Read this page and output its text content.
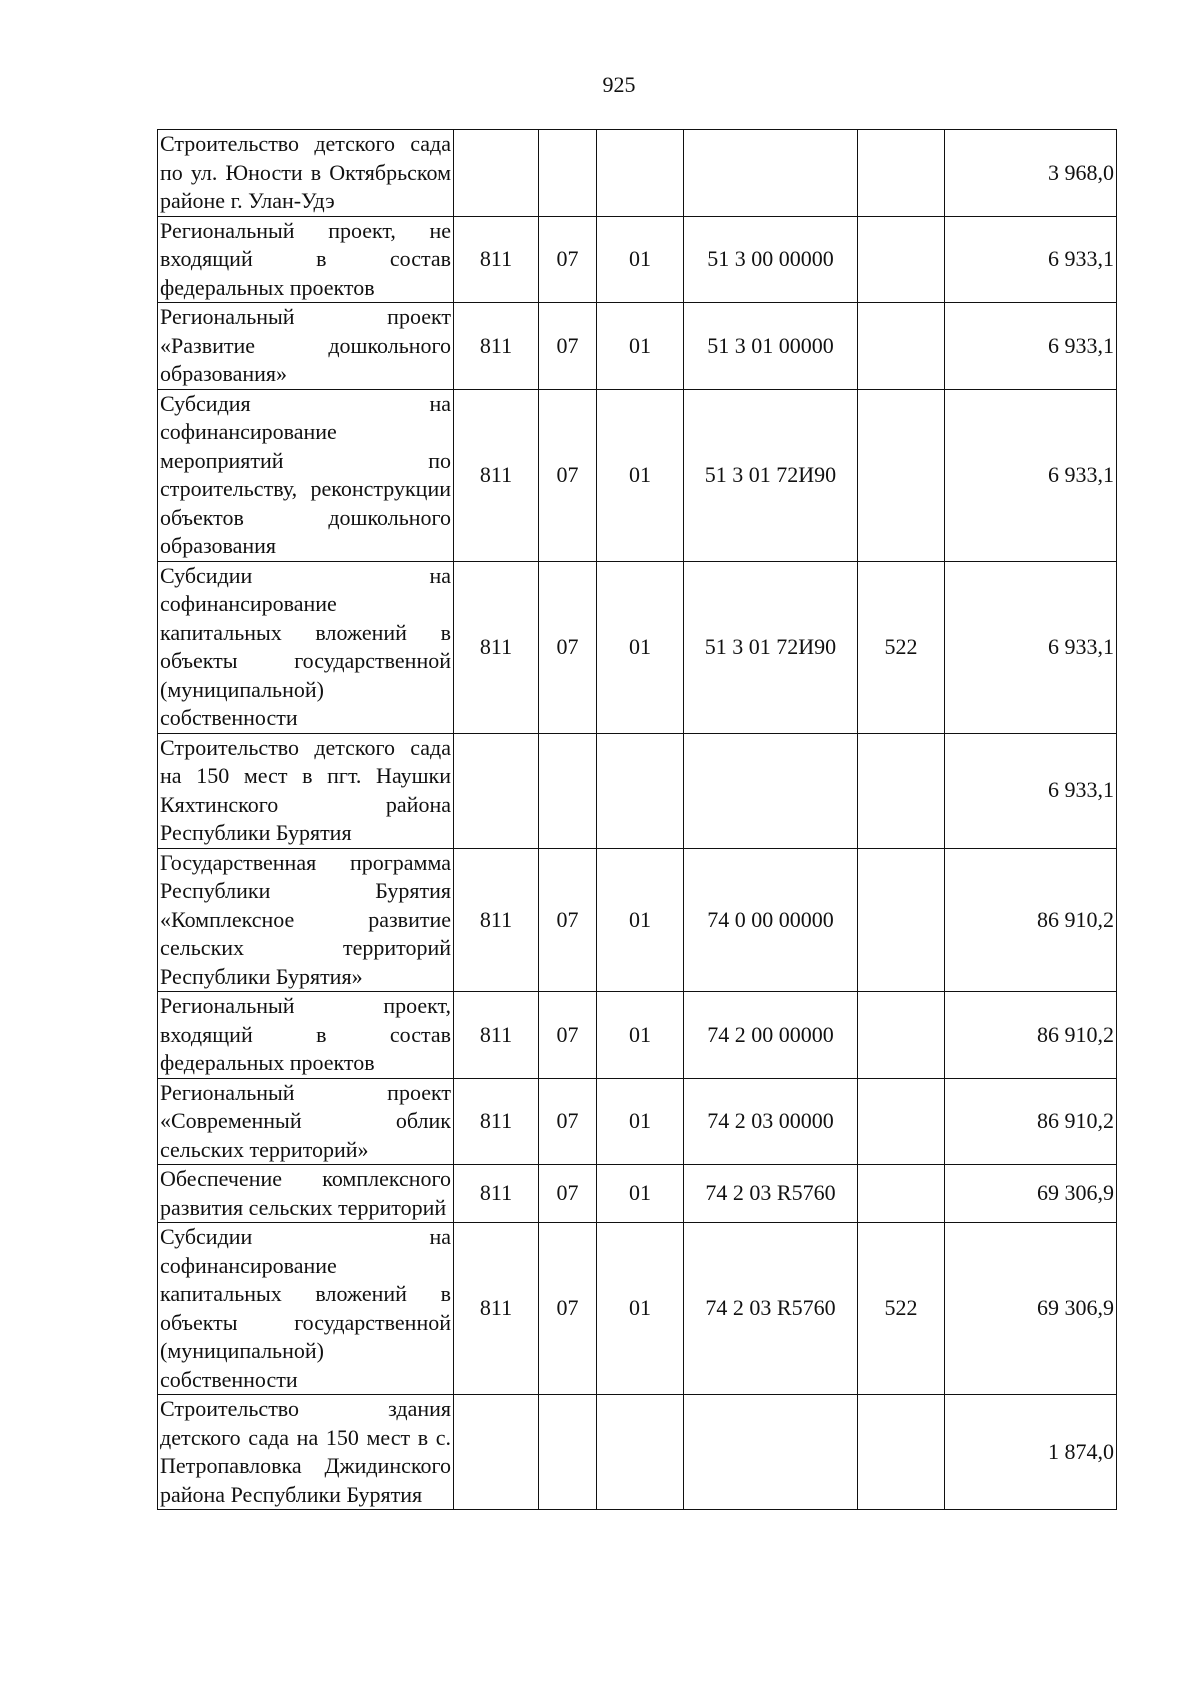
925
Строительство детского сада по ул. Юности в Октябрьском районе г. Улан-Удэ						3 968,0
Региональный проект, не входящий в состав федеральных проектов	811	07	01	51 3 00 00000		6 933,1
Региональный проект «Развитие дошкольного образования»	811	07	01	51 3 01 00000		6 933,1
Субсидия на софинансирование мероприятий по строительству, реконструкции объектов дошкольного образования	811	07	01	51 3 01 72И90		6 933,1
Субсидии на софинансирование капитальных вложений в объекты государственной (муниципальной) собственности	811	07	01	51 3 01 72И90	522	6 933,1
Строительство детского сада на 150 мест в пгт. Наушки Кяхтинского района Республики Бурятия						6 933,1
Государственная программа Республики Бурятия «Комплексное развитие сельских территорий Республики Бурятия»	811	07	01	74 0 00 00000		86 910,2
Региональный проект, входящий в состав федеральных проектов	811	07	01	74 2 00 00000		86 910,2
Региональный проект «Современный облик сельских территорий»	811	07	01	74 2 03 00000		86 910,2
Обеспечение комплексного развития сельских территорий	811	07	01	74 2 03 R5760		69 306,9
Субсидии на софинансирование капитальных вложений в объекты государственной (муниципальной) собственности	811	07	01	74 2 03 R5760	522	69 306,9
Строительство здания детского сада на 150 мест в с. Петропавловка Джидинского района Республики Бурятия						1 874,0
